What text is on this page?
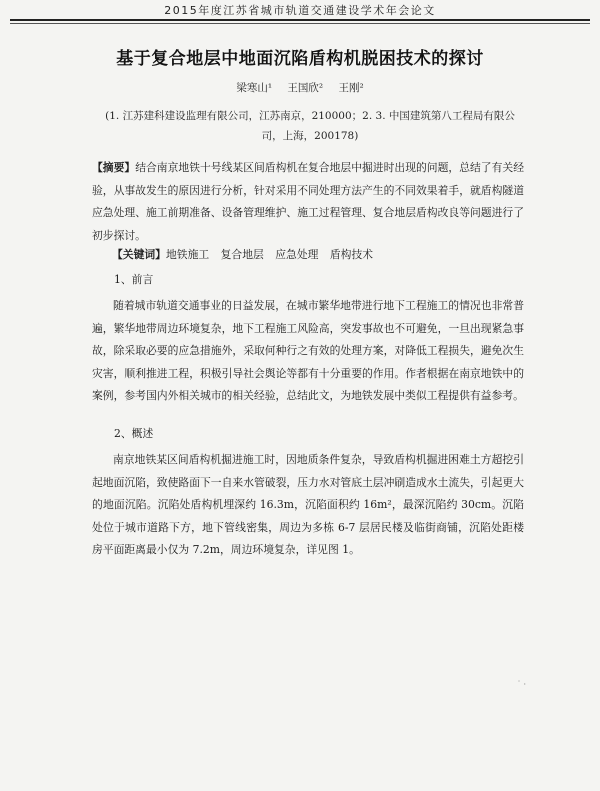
2015年度江苏省城市轨道交通建设学术年会论文
基于复合地层中地面沉陷盾构机脱困技术的探讨
梁寒山¹ 王国欣² 王刚²
(1. 江苏建科建设监理有限公司，江苏南京，210000；2. 3. 中国建筑第八工程局有限公司，上海，200178)
【摘要】结合南京地铁十号线某区间盾构机在复合地层中掘进时出现的问题，总结了有关经验，从事故发生的原因进行分析，针对采用不同处理方法产生的不同效果着手，就盾构隧道应急处理、施工前期准备、设备管理维护、施工过程管理、复合地层盾构改良等问题进行了初步探讨。
【关键词】地铁施工 复合地层 应急处理 盾构技术
1、前言
随着城市轨道交通事业的日益发展，在城市繁华地带进行地下工程施工的情况也非常普遍，繁华地带周边环境复杂，地下工程施工风险高，突发事故也不可避免，一旦出现紧急事故，除采取必要的应急措施外，采取何种行之有效的处理方案，对降低工程损失，避免次生灾害，顺利推进工程，积极引导社会舆论等都有十分重要的作用。作者根据在南京地铁中的案例，参考国内外相关城市的相关经验，总结此文，为地铁发展中类似工程提供有益参考。
2、概述
南京地铁某区间盾构机掘进施工时，因地质条件复杂，导致盾构机掘进困难土方超挖引起地面沉陷，致使路面下一自来水管破裂，压力水对管底土层冲刷造成水土流失，引起更大的地面沉陷。沉陷处盾构机埋深约 16.3m，沉陷面积约 16m²，最深沉陷约 30cm。沉陷处位于城市道路下方，地下管线密集，周边为多栋 6-7 层居民楼及临街商铺，沉陷处距楼房平面距离最小仅为 7.2m，周边环境复杂，详见图 1。
˙ ·
